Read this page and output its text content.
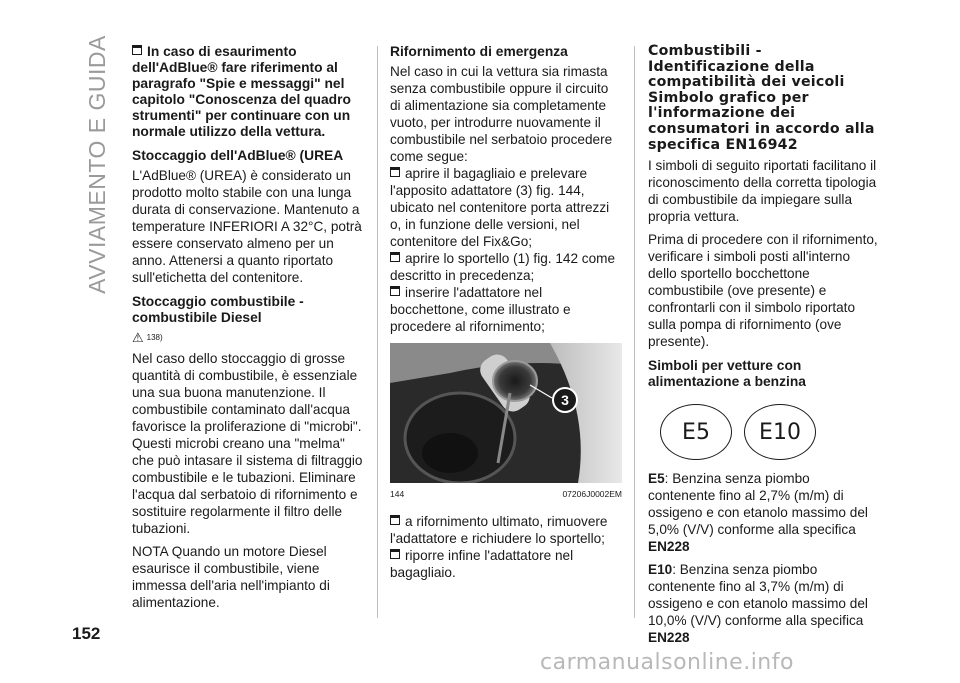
AVVIAMENTO E GUIDA	In caso di esaurimento dell'AdBlue® fare riferimento al paragrafo "Spie e messaggi" nel capitolo "Conoscenza del quadro strumenti" per continuare con un normale utilizzo della vettura.
Stoccaggio dell'AdBlue® (UREA

L'AdBlue® (UREA) è considerato un prodotto molto stabile con una lunga durata di conservazione. Mantenuto a temperature INFERIORI A 32°C, potrà essere conservato almeno per un anno. Attenersi a quanto riportato sull'etichetta del contenitore.

Stoccaggio combustibile - combustibile Diesel
⚠ 138)

Nel caso dello stoccaggio di grosse quantità di combustibile, è essenziale una sua buona manutenzione. Il combustibile contaminato dall'acqua favorisce la proliferazione di "microbi". Questi microbi creano una "melma" che può intasare il sistema di filtraggio combustibile e le tubazioni. Eliminare l'acqua dal serbatoio di rifornimento e sostituire regolarmente il filtro delle tubazioni.

NOTA Quando un motore Diesel esaurisce il combustibile, viene immessa dell'aria nell'impianto di alimentazione.

Rifornimento di emergenza

Nel caso in cui la vettura sia rimasta senza combustibile oppure il circuito di alimentazione sia completamente vuoto, per introdurre nuovamente il combustibile nel serbatoio procedere come segue:

aprire il bagagliaio e prelevare l'apposito adattatore (3) fig. 144, ubicato nel contenitore porta attrezzi o, in funzione delle versioni, nel contenitore del Fix&Go;
aprire lo sportello (1) fig. 142 come descritto in precedenza;
inserire l'adattatore nel bocchettone, come illustrato e procedere al rifornimento;
3
144	07206J0002EM
a rifornimento ultimato, rimuovere l'adattatore e richiudere lo sportello;
riporre infine l'adattatore nel bagagliaio.
Combustibili - Identificazione della compatibilità dei veicoli Simbolo grafico per l'informazione dei consumatori in accordo alla specifica EN16942

I simboli di seguito riportati facilitano il riconoscimento della corretta tipologia di combustibile da impiegare sulla propria vettura.

Prima di procedere con il rifornimento, verificare i simboli posti all'interno dello sportello bocchettone combustibile (ove presente) e confrontarli con il simbolo riportato sulla pompa di rifornimento (ove presente).

Simboli per vetture con alimentazione a benzina
E5	E10

E5: Benzina senza piombo contenente fino al 2,7% (m/m) di ossigeno e con etanolo massimo del 5,0% (V/V) conforme alla specifica EN228

E10: Benzina senza piombo contenente fino al 3,7% (m/m) di ossigeno e con etanolo massimo del 10,0% (V/V) conforme alla specifica EN228

152
carmanualsonline.info
